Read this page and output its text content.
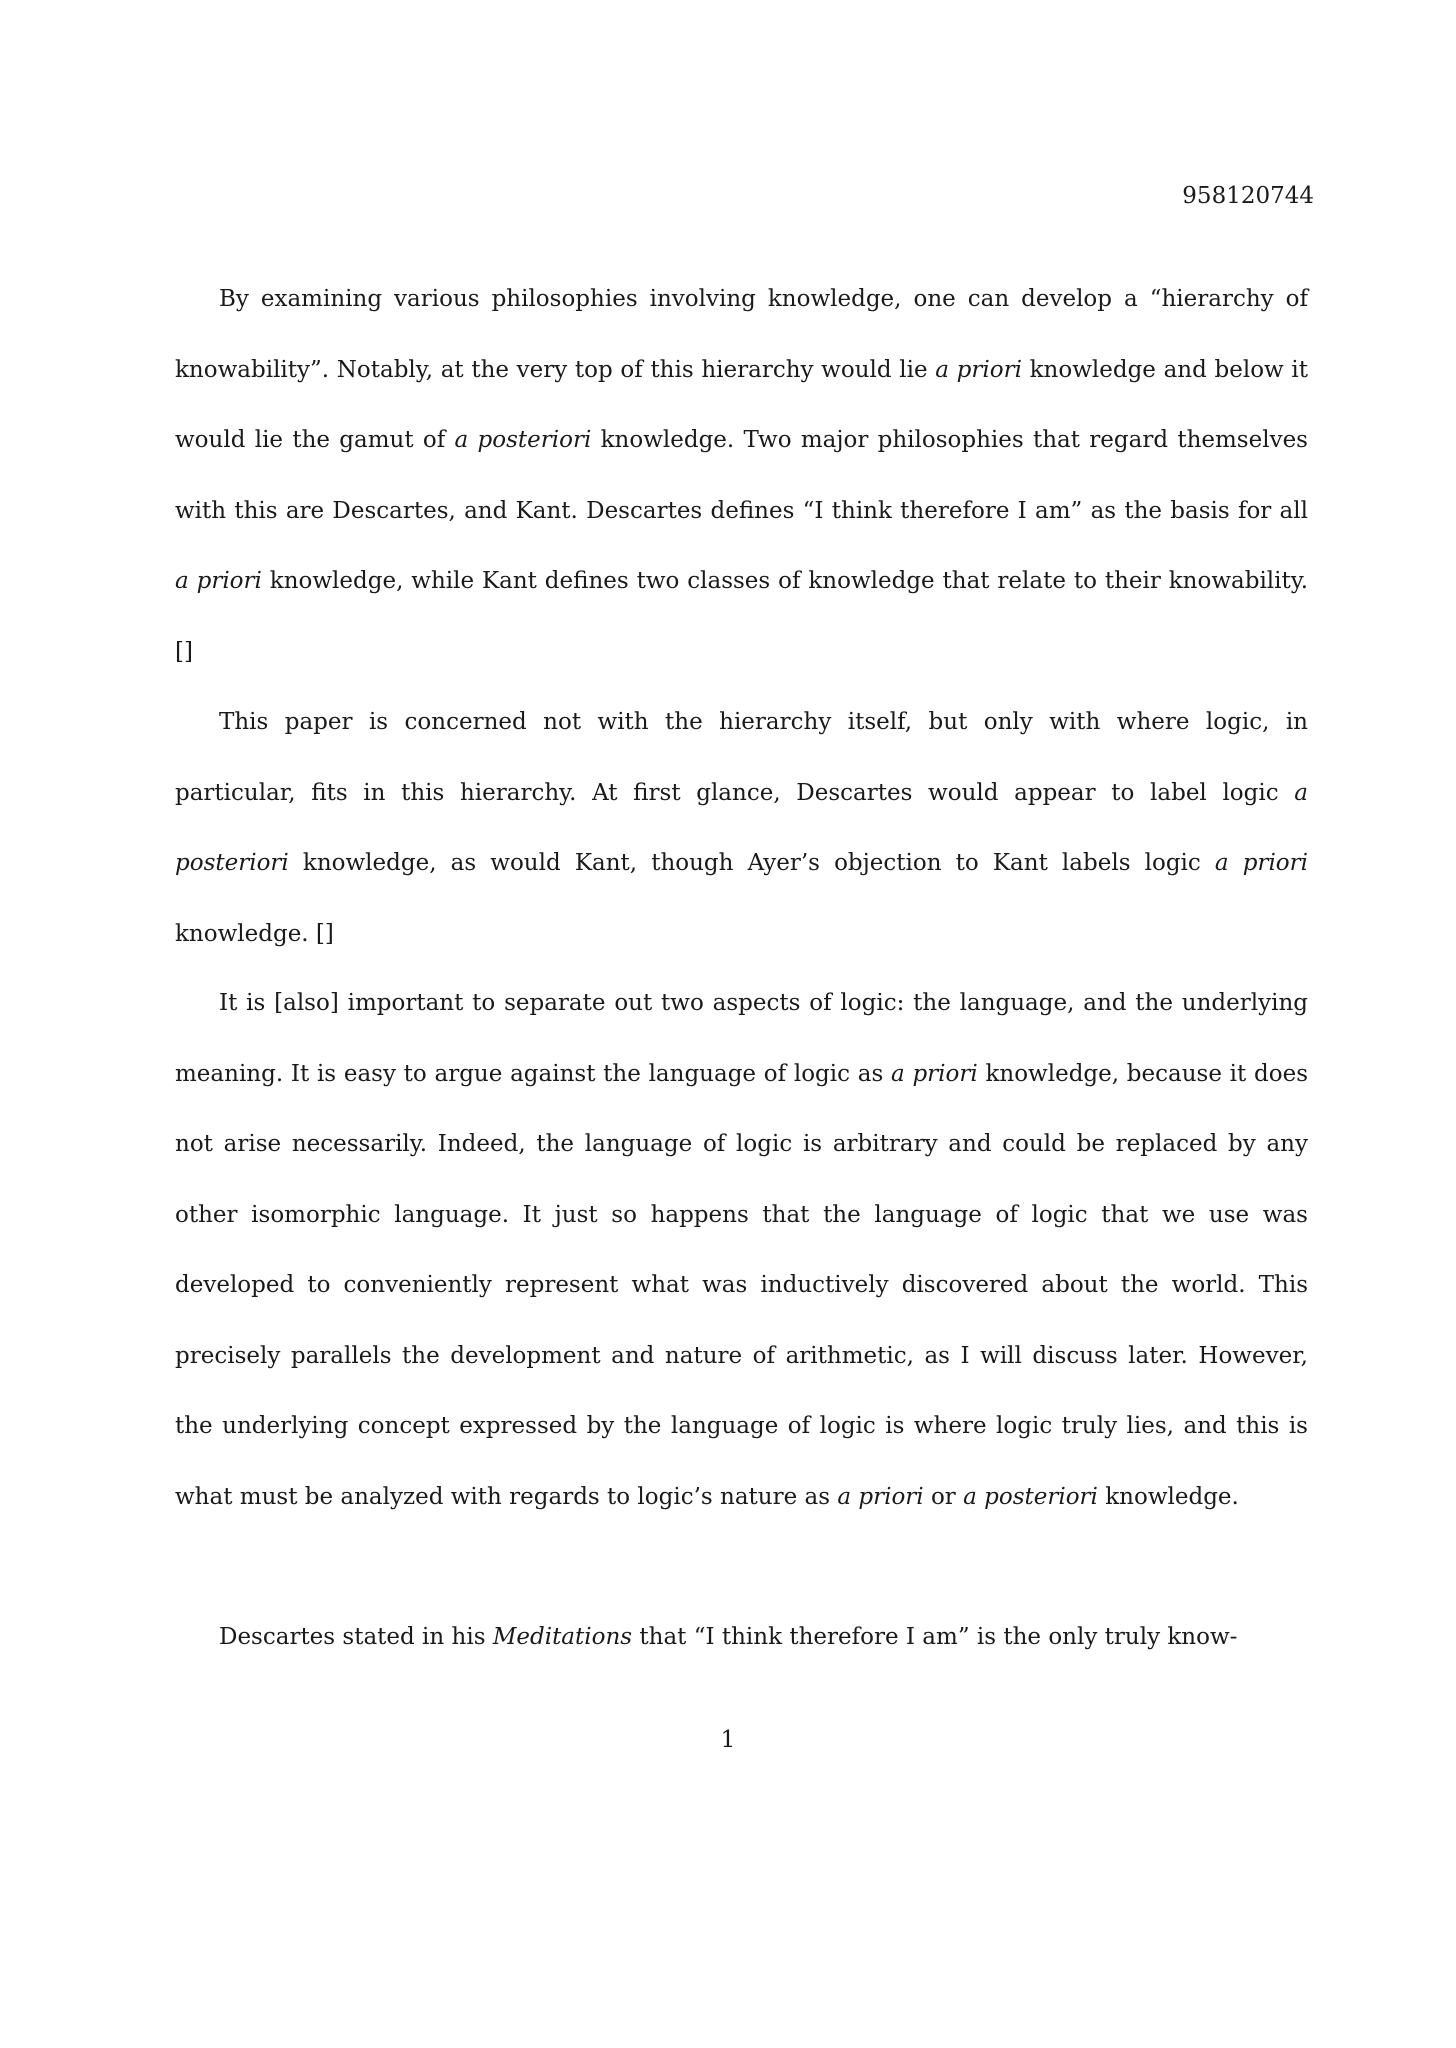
958120744

By examining various philosophies involving knowledge, one can develop a “hierarchy of knowability”. Notably, at the very top of this hierarchy would lie a priori knowledge and below it would lie the gamut of a posteriori knowledge. Two major philosophies that regard themselves with this are Descartes, and Kant. Descartes defines “I think therefore I am” as the basis for all a priori knowledge, while Kant defines two classes of knowledge that relate to their knowability. []

This paper is concerned not with the hierarchy itself, but only with where logic, in particular, fits in this hierarchy. At first glance, Descartes would appear to label logic a posteriori knowledge, as would Kant, though Ayer’s objection to Kant labels logic a priori knowledge. []

It is [also] important to separate out two aspects of logic: the language, and the underlying meaning. It is easy to argue against the language of logic as a priori knowledge, because it does not arise necessarily. Indeed, the language of logic is arbitrary and could be replaced by any other isomorphic language. It just so happens that the language of logic that we use was developed to conveniently represent what was inductively discovered about the world. This precisely parallels the development and nature of arithmetic, as I will discuss later. However, the underlying concept expressed by the language of logic is where logic truly lies, and this is what must be analyzed with regards to logic’s nature as a priori or a posteriori knowledge.

Descartes stated in his Meditations that “I think therefore I am” is the only truly know-

1
